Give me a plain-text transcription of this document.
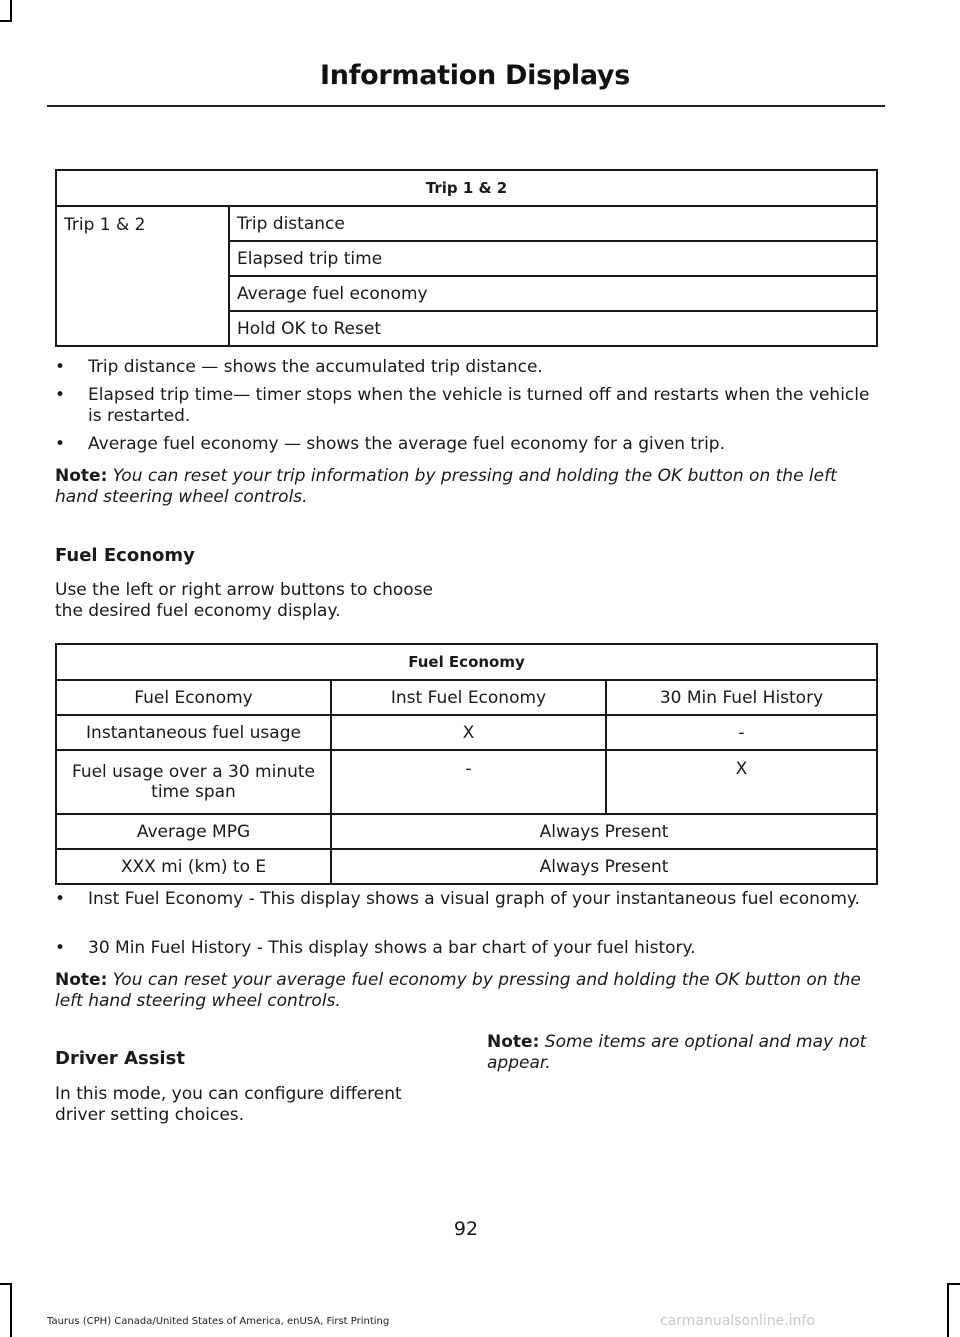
Information Displays
Trip 1 & 2
Trip 1 & 2	Trip distance
Elapsed trip time
Average fuel economy
Hold OK to Reset
• Trip distance — shows the accumulated trip distance.
• Elapsed trip time— timer stops when the vehicle is turned off and restarts when the vehicle is restarted.
• Average fuel economy — shows the average fuel economy for a given trip.
Note: You can reset your trip information by pressing and holding the OK button on the left hand steering wheel controls.
Fuel Economy
Use the left or right arrow buttons to choose the desired fuel economy display.
Fuel Economy		
Fuel Economy	Inst Fuel Economy	30 Min Fuel History
Instantaneous fuel usage	X	-
Fuel usage over a 30 minute time span	-	X
Average MPG	Always Present	
XXX mi (km) to E	Always Present	
• Inst Fuel Economy - This display shows a visual graph of your instantaneous fuel economy.
• 30 Min Fuel History - This display shows a bar chart of your fuel history.
Note: You can reset your average fuel economy by pressing and holding the OK button on the left hand steering wheel controls.
Driver Assist
In this mode, you can configure different driver setting choices.
Note: Some items are optional and may not appear.
92
Taurus (CPH) Canada/United States of America, enUSA, First Printing	carmanualsonline.info
